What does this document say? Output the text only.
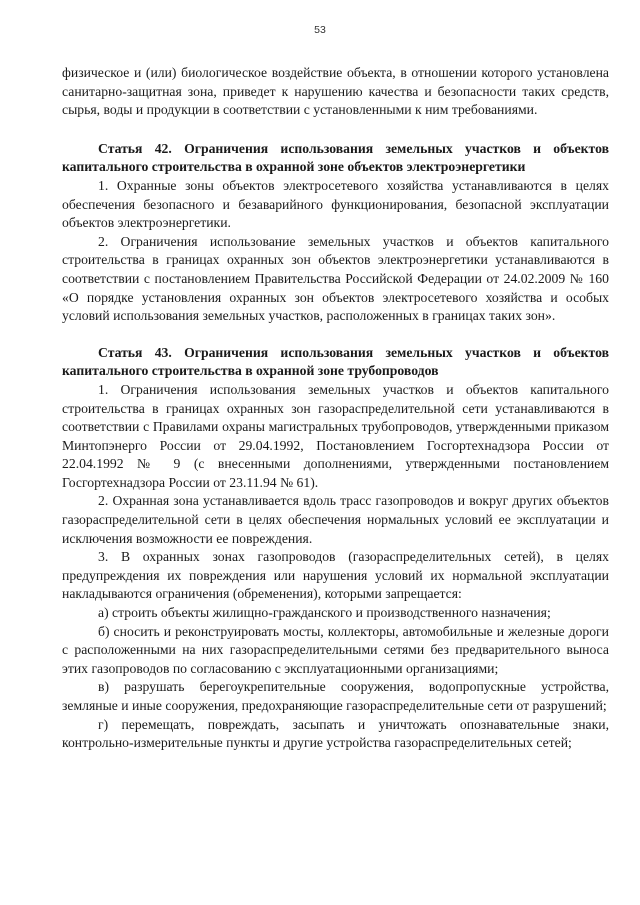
53

физическое и (или) биологическое воздействие объекта, в отношении которого установлена санитарно-защитная зона, приведет к нарушению качества и безопасности таких средств, сырья, воды и продукции в соответствии с установленными к ним требованиями.

Статья 42. Ограничения использования земельных участков и объектов капитального строительства в охранной зоне объектов электроэнергетики

1. Охранные зоны объектов электросетевого хозяйства устанавливаются в целях обеспечения безопасного и безаварийного функционирования, безопасной эксплуатации объектов электроэнергетики.

2. Ограничения использование земельных участков и объектов капитального строительства в границах охранных зон объектов электроэнергетики устанавливаются в соответствии с постановлением Правительства Российской Федерации от 24.02.2009 № 160 «О порядке установления охранных зон объектов электросетевого хозяйства и особых условий использования земельных участков, расположенных в границах таких зон».

Статья 43. Ограничения использования земельных участков и объектов капитального строительства в охранной зоне трубопроводов

1. Ограничения использования земельных участков и объектов капитального строительства в границах охранных зон газораспределительной сети устанавливаются в соответствии с Правилами охраны магистральных трубопроводов, утвержденными приказом Минтопэнерго России от 29.04.1992, Постановлением Госгортехнадзора России от 22.04.1992 № 9 (с внесенными дополнениями, утвержденными постановлением Госгортехнадзора России от 23.11.94 № 61).

2. Охранная зона устанавливается вдоль трасс газопроводов и вокруг других объектов газораспределительной сети в целях обеспечения нормальных условий ее эксплуатации и исключения возможности ее повреждения.

3. В охранных зонах газопроводов (газораспределительных сетей), в целях предупреждения их повреждения или нарушения условий их нормальной эксплуатации накладываются ограничения (обременения), которыми запрещается:

а) строить объекты жилищно-гражданского и производственного назначения;

б) сносить и реконструировать мосты, коллекторы, автомобильные и железные дороги с расположенными на них газораспределительными сетями без предварительного выноса этих газопроводов по согласованию с эксплуатационными организациями;

в) разрушать берегоукрепительные сооружения, водопропускные устройства, земляные и иные сооружения, предохраняющие газораспределительные сети от разрушений;

г) перемещать, повреждать, засыпать и уничтожать опознавательные знаки, контрольно-измерительные пункты и другие устройства газораспределительных сетей;
